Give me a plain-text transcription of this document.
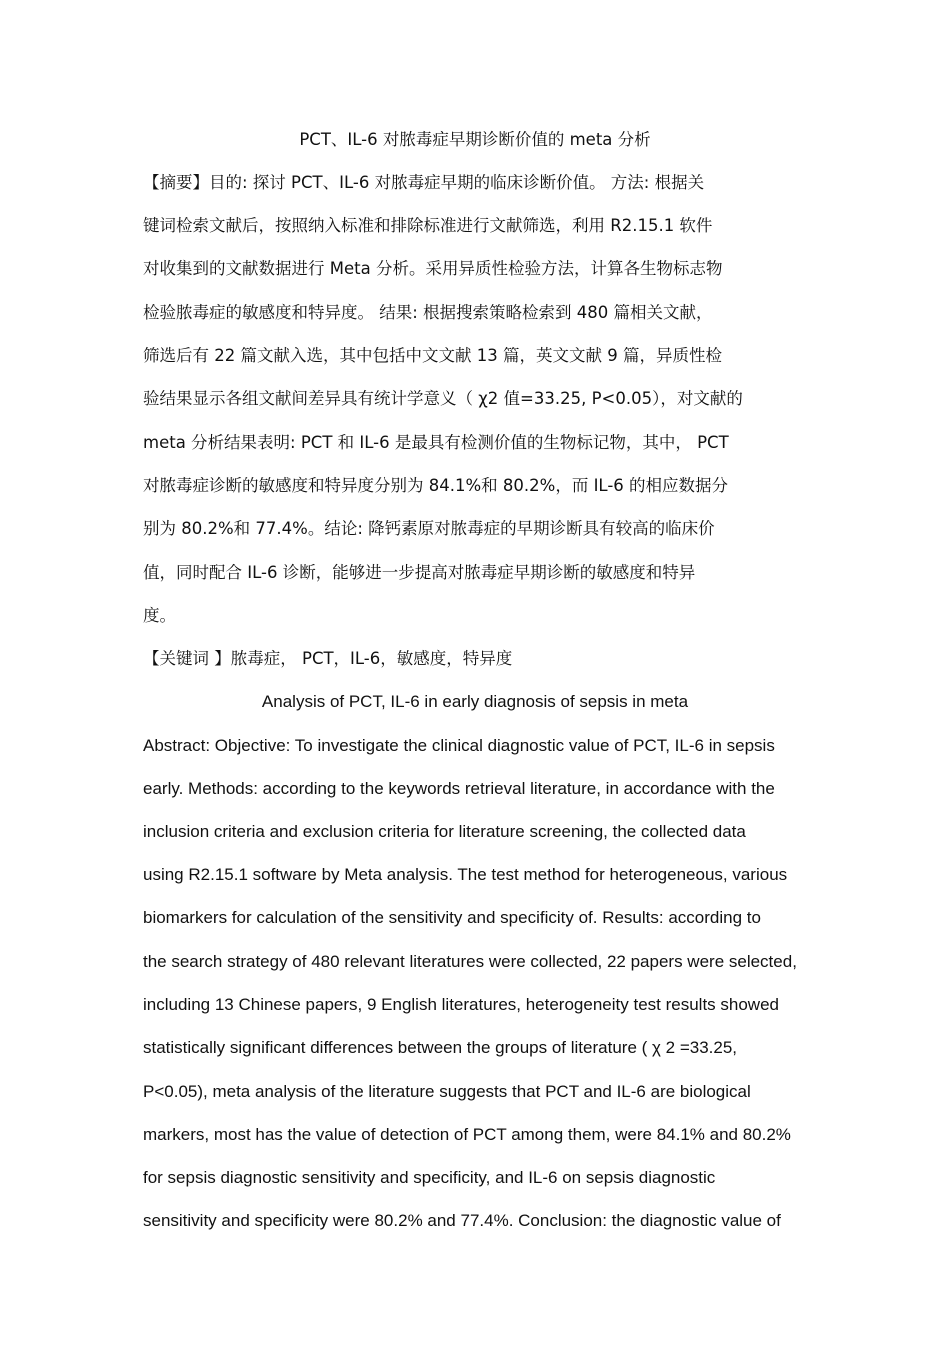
PCT、IL-6 对脓毒症早期诊断价值的 meta 分析
【摘要】目的: 探讨 PCT、IL-6 对脓毒症早期的临床诊断价值。 方法: 根据关
键词检索文献后，按照纳入标准和排除标准进行文献筛选，利用 R2.15.1 软件
对收集到的文献数据进行 Meta 分析。采用异质性检验方法，计算各生物标志物
检验脓毒症的敏感度和特异度。 结果: 根据搜索策略检索到 480 篇相关文献，
筛选后有 22 篇文献入选，其中包括中文文献 13 篇，英文文献 9 篇，异质性检
验结果显示各组文献间差异具有统计学意义（ χ2 值=33.25, P<0.05），对文献的
meta 分析结果表明: PCT 和 IL-6 是最具有检测价值的生物标记物，其中， PCT
对脓毒症诊断的敏感度和特异度分别为 84.1%和 80.2%，而 IL-6 的相应数据分
别为 80.2%和 77.4%。结论: 降钙素原对脓毒症的早期诊断具有较高的临床价
值，同时配合 IL-6 诊断，能够进一步提高对脓毒症早期诊断的敏感度和特异
度。
【关键词 】脓毒症， PCT，IL-6，敏感度，特异度
Analysis of PCT, IL-6 in early diagnosis of sepsis in meta
Abstract: Objective: To investigate the clinical diagnostic value of PCT, IL-6 in sepsis
early. Methods: according to the keywords retrieval literature, in accordance with the
inclusion criteria and exclusion criteria for literature screening, the collected data
using R2.15.1 software by Meta analysis. The test method for heterogeneous, various
biomarkers for calculation of the sensitivity and specificity of. Results: according to
the search strategy of 480 relevant literatures were collected, 22 papers were selected,
including 13 Chinese papers, 9 English literatures, heterogeneity test results showed
statistically significant differences between the groups of literature ( χ 2 =33.25,
P<0.05), meta analysis of the literature suggests that PCT and IL-6 are biological
markers, most has the value of detection of PCT among them, were 84.1% and 80.2%
for sepsis diagnostic sensitivity and specificity, and IL-6 on sepsis diagnostic
sensitivity and specificity were 80.2% and 77.4%. Conclusion: the diagnostic value of
